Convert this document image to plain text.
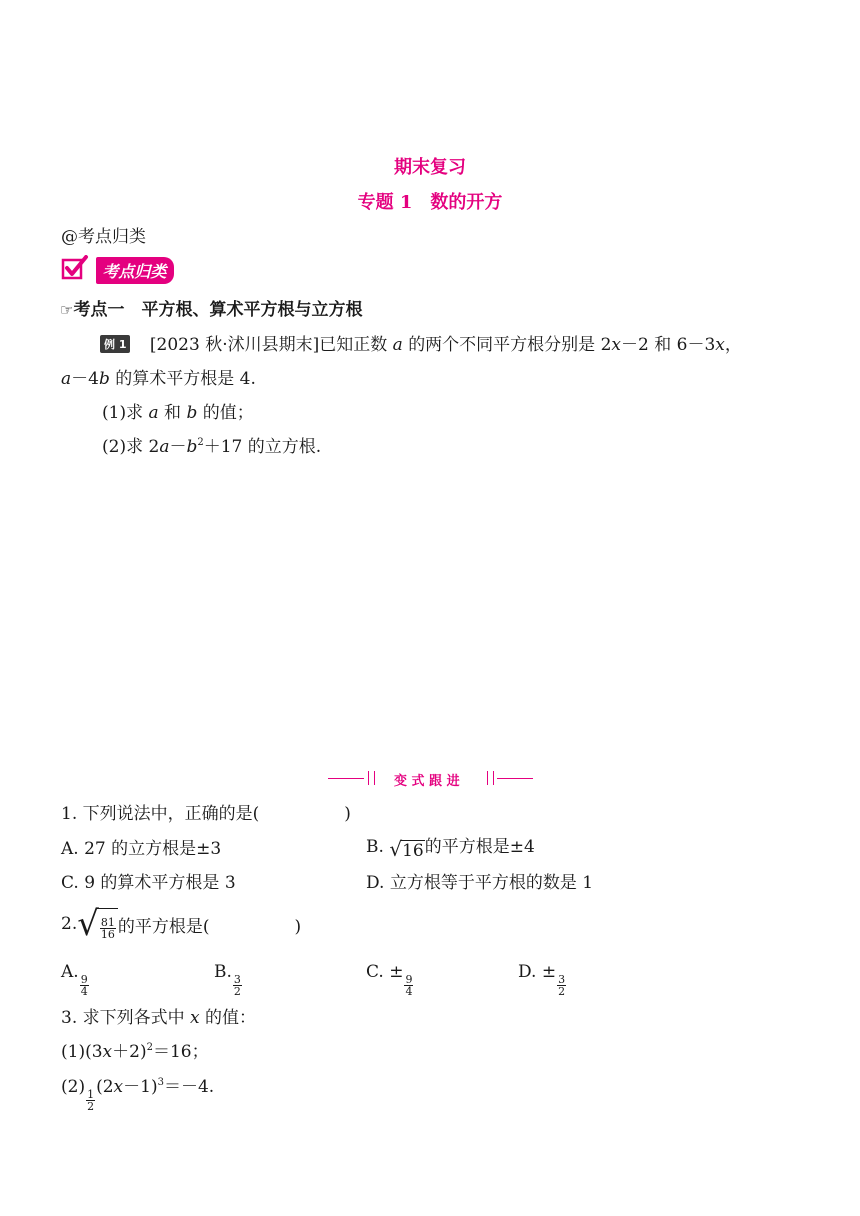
期末复习
专题 1　数的开方
@考点归类
考点归类
☞考点一　平方根、算术平方根与立方根
例 1 [2023 秋·沭川县期末]已知正数 a 的两个不同平方根分别是 2x－2 和 6－3x，
a－4b 的算术平方根是 4.
(1)求 a 和 b 的值；
(2)求 $2a-b^2+17$ 的立方根.
变 式 跟 进
1. 下列说法中，正确的是(　　　　　)
A. 27 的立方根是±3	B. √ 16 的平方根是±4
C. 9 的算术平方根是 3	D. 立方根等于平方根的数是 1
2. √ $\frac{81}{16}$ 的平方根是(　　　　　)
A.
$\frac{9}{4}$
B.
$\frac{3}{2}$
C. ±
$\frac{9}{4}$
D. ±
$\frac{3}{2}$
3. 求下列各式中 x 的值：
$(1)(3x+2)^2=16$；
(2)
$\frac{1}{2}$
$(2x-1)^3=-4$.
